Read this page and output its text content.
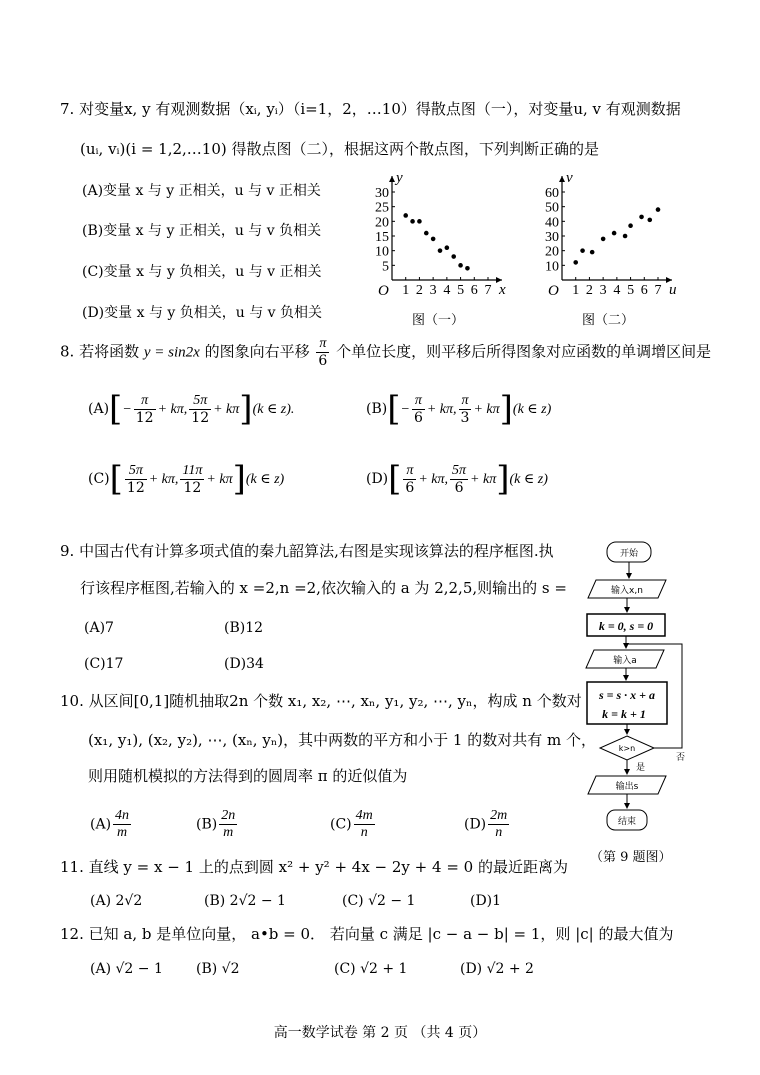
7. 对变量x, y 有观测数据（xᵢ, yᵢ）（i=1，2，…10）得散点图（一），对变量u, v 有观测数据
(uᵢ, vᵢ)(i = 1,2,…10) 得散点图（二），根据这两个散点图，下列判断正确的是
(A)变量 x 与 y 正相关，u 与 v 正相关
(B)变量 x 与 y 正相关，u 与 v 负相关
(C)变量 x 与 y 负相关，u 与 v 正相关
(D)变量 x 与 y 负相关，u 与 v 负相关
5
10
15
20
25
30
1 2 3 4 5 6 7
O	x
y
图（一）
10
20
30
40
50
60
1 2 3 4 5 6 7
O	u
v
图（二）
8. 若将函数 y = sin2x 的图象向右平移 $\frac{\pi}{6}$ 个单位长度，则平移后所得图象对应函数的单调增区间是
$(A)[- \frac{\pi}{12} + k\pi$, $\frac{5\pi}{12} + k\pi](k$ ∈ z).	$(B)[- \frac{\pi}{6} + k\pi$, $\frac{\pi}{3} + k\pi](k$ ∈ z)
$(C)[ \frac{5\pi}{12} + k\pi$, $\frac{11\pi}{12} + k\pi](k$ ∈ z)	$(D)[ \frac{\pi}{6} + k\pi$, $\frac{5\pi}{6} + k\pi](k$ ∈ z)
9. 中国古代有计算多项式值的秦九韶算法,右图是实现该算法的程序框图.执
行该程序框图,若输入的 x =2,n =2,依次输入的 a 为 2,2,5,则输出的 s =
(A)7	(B)12
(C)17	(D)34
开始
输入x,n
k = 0, s = 0
输入a
s = s · x + a
k = k + 1
k>n
否
是
输出s
结束
（第 9 题图）
10. 从区间[0,1]随机抽取2n 个数 x₁, x₂, ⋯, xₙ, y₁, y₂, ⋯, yₙ，构成 n 个数对
(x₁, y₁), (x₂, y₂), ⋯, (xₙ, yₙ)，其中两数的平方和小于 1 的数对共有 m 个，
则用随机模拟的方法得到的圆周率 π 的近似值为
$(A) \frac{4n}{m}$	$(B) \frac{2n}{m}$	$(C) \frac{4m}{n}$	$(D) \frac{2m}{n}$
11. 直线 y = x − 1 上的点到圆 x² + y² + 4x − 2y + 4 = 0 的最近距离为
(A) 2√2	(B) 2√2 − 1	(C) √2 − 1	(D)1
12. 已知 a, b 是单位向量， a•b = 0． 若向量 c 满足 |c − a − b| = 1，则 |c| 的最大值为
(A) √2 − 1 (B) √2	(C) √2 + 1	(D) √2 + 2
高一数学试卷 第 2 页 （共 4 页）
